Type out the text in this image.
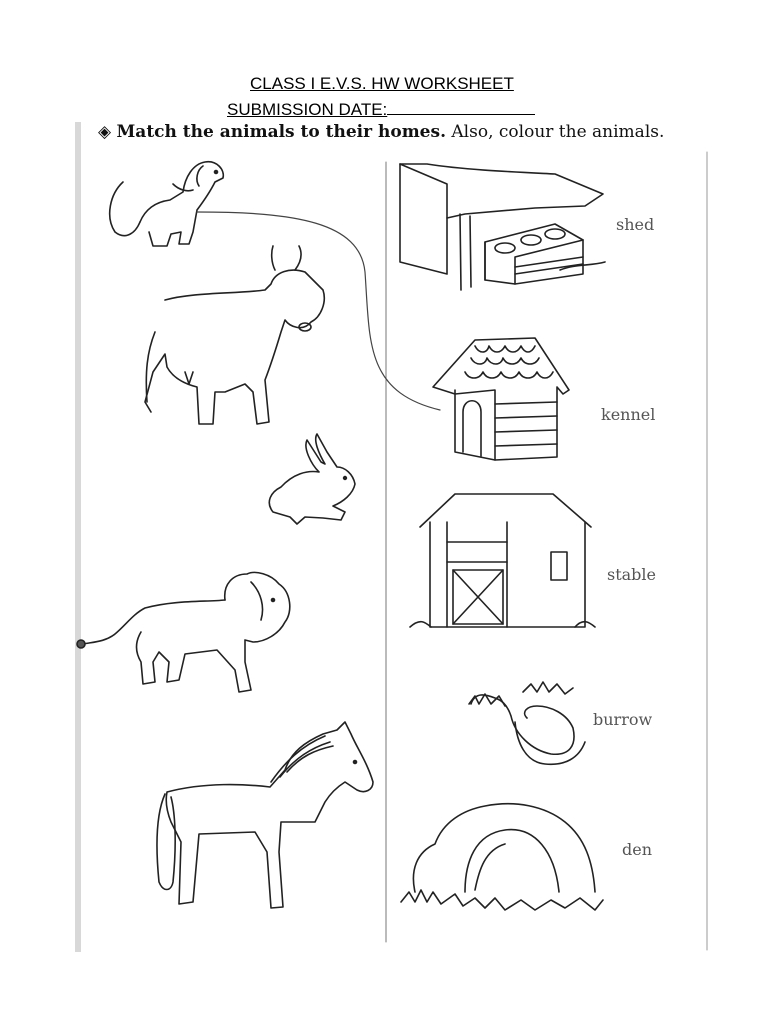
CLASS I E.V.S. HW WORKSHEET
SUBMISSION DATE:
◈ Match the animals to their homes. Also, colour the animals.
shed
kennel
stable
burrow
den
